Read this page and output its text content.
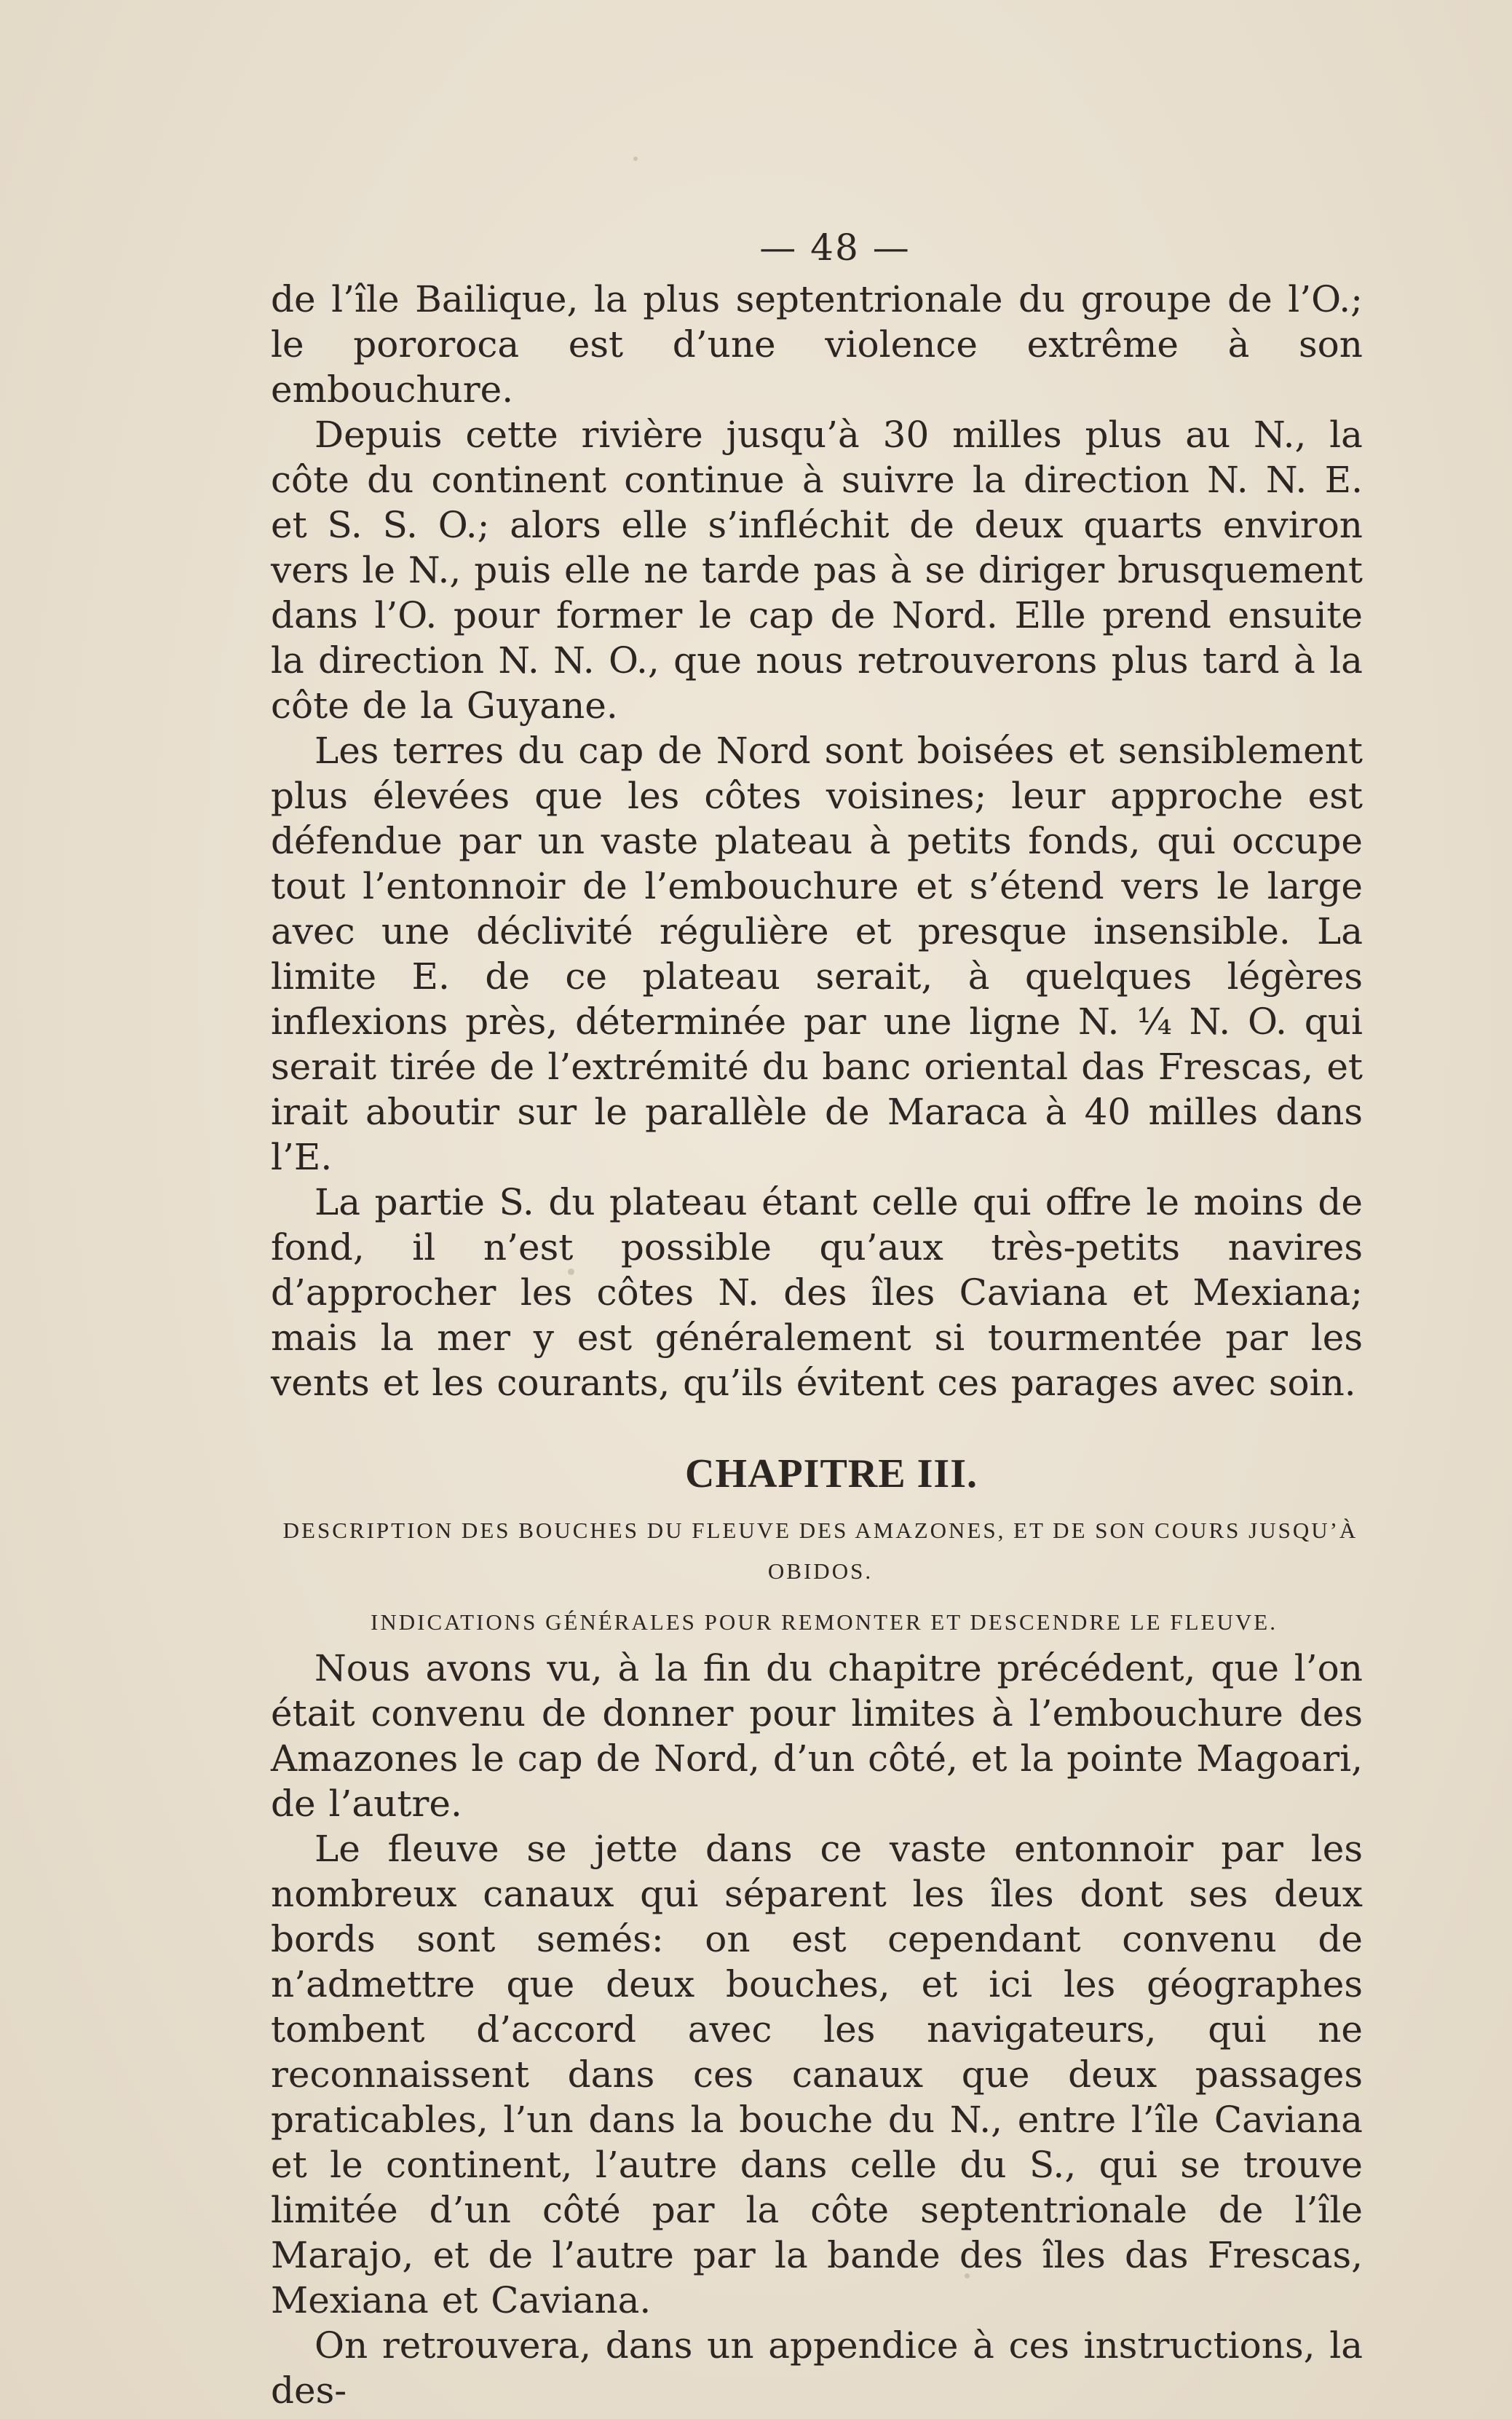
— 48 —

de l’île Bailique, la plus septentrionale du groupe de l’O.; le pororoca est d’une violence extrême à son embouchure.

Depuis cette rivière jusqu’à 30 milles plus au N., la côte du continent continue à suivre la direction N. N. E. et S. S. O.; alors elle s’infléchit de deux quarts environ vers le N., puis elle ne tarde pas à se diriger brusquement dans l’O. pour former le cap de Nord. Elle prend ensuite la direction N. N. O., que nous retrouverons plus tard à la côte de la Guyane.

Les terres du cap de Nord sont boisées et sensiblement plus élevées que les côtes voisines; leur approche est défendue par un vaste plateau à petits fonds, qui occupe tout l’entonnoir de l’embouchure et s’étend vers le large avec une déclivité régulière et presque insensible. La limite E. de ce plateau serait, à quelques légères inflexions près, déterminée par une ligne N. ¼ N. O. qui serait tirée de l’extrémité du banc oriental das Frescas, et irait aboutir sur le parallèle de Maraca à 40 milles dans l’E.

La partie S. du plateau étant celle qui offre le moins de fond, il n’est possible qu’aux très-petits navires d’approcher les côtes N. des îles Caviana et Mexiana; mais la mer y est généralement si tourmentée par les vents et les courants, qu’ils évitent ces parages avec soin.

CHAPITRE III.
DESCRIPTION DES BOUCHES DU FLEUVE DES AMAZONES, ET DE SON COURS JUSQU’À OBIDOS.
INDICATIONS GÉNÉRALES POUR REMONTER ET DESCENDRE LE FLEUVE.

Nous avons vu, à la fin du chapitre précédent, que l’on était convenu de donner pour limites à l’embouchure des Amazones le cap de Nord, d’un côté, et la pointe Magoari, de l’autre.

Le fleuve se jette dans ce vaste entonnoir par les nombreux canaux qui séparent les îles dont ses deux bords sont semés: on est cependant convenu de n’admettre que deux bouches, et ici les géographes tombent d’accord avec les navigateurs, qui ne reconnaissent dans ces canaux que deux passages praticables, l’un dans la bouche du N., entre l’île Caviana et le continent, l’autre dans celle du S., qui se trouve limitée d’un côté par la côte septentrionale de l’île Marajo, et de l’autre par la bande des îles das Frescas, Mexiana et Caviana.

On retrouvera, dans un appendice à ces instructions, la des-
